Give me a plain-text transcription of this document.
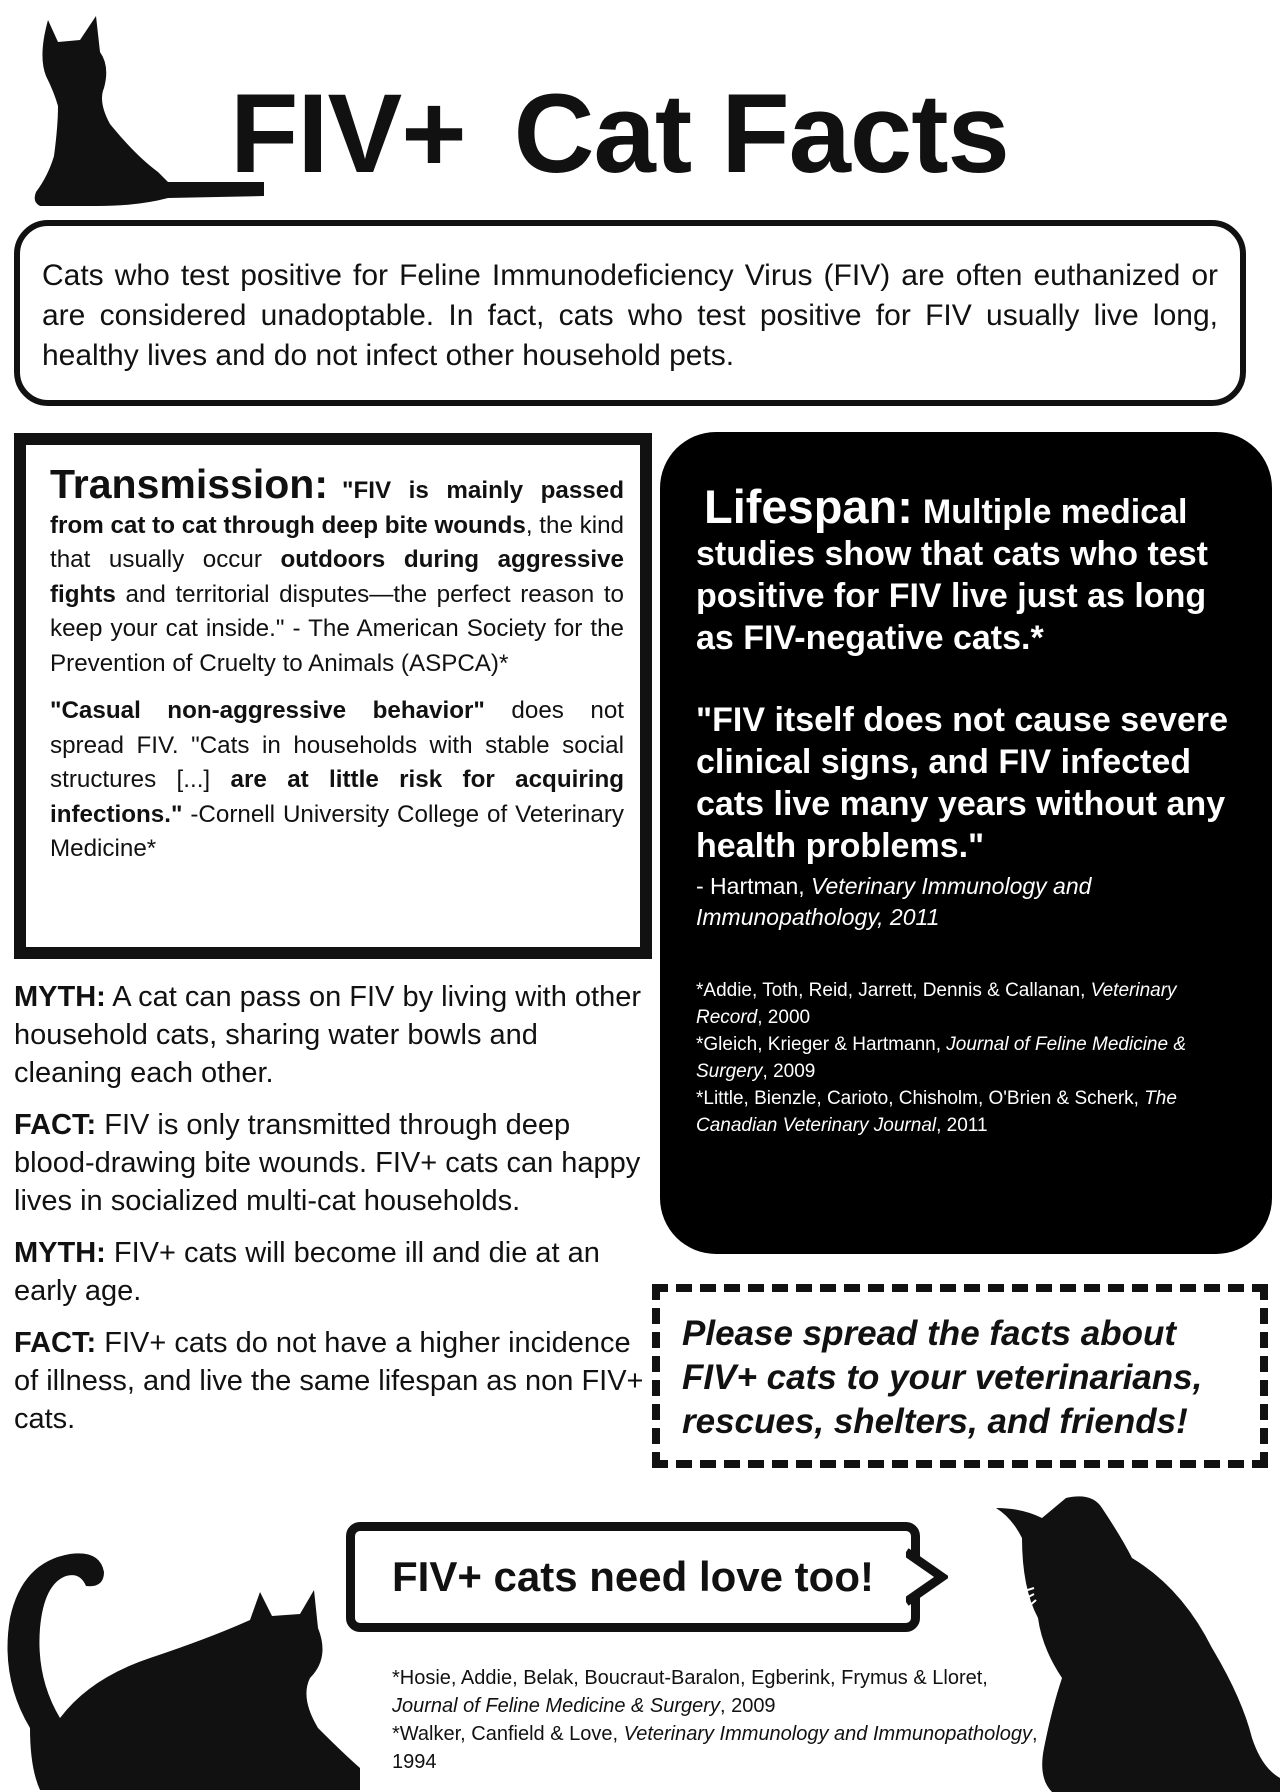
FIV+ Cat Facts

Cats who test positive for Feline Immunodeficiency Virus (FIV) are often euthanized or are considered unadoptable. In fact, cats who test positive for FIV usually live long, healthy lives and do not infect other household pets.

Transmission: "FIV is mainly passed from cat to cat through deep bite wounds, the kind that usually occur outdoors during aggressive fights and territorial disputes—the perfect reason to keep your cat inside." - The American Society for the Prevention of Cruelty to Animals (ASPCA)*

"Casual non-aggressive behavior" does not spread FIV. "Cats in households with stable social structures [...] are at little risk for acquiring infections." -Cornell University College of Veterinary Medicine*

Lifespan: Multiple medical studies show that cats who test positive for FIV live just as long as FIV-negative cats.*

"FIV itself does not cause severe clinical signs, and FIV infected cats live many years without any health problems."

- Hartman, Veterinary Immunology and Immunopathology, 2011

*Addie, Toth, Reid, Jarrett, Dennis & Callanan, Veterinary Record, 2000
*Gleich, Krieger & Hartmann, Journal of Feline Medicine & Surgery, 2009
*Little, Bienzle, Carioto, Chisholm, O'Brien & Scherk, The Canadian Veterinary Journal, 2011

MYTH: A cat can pass on FIV by living with other household cats, sharing water bowls and cleaning each other.

FACT: FIV is only transmitted through deep blood-drawing bite wounds. FIV+ cats can happy lives in socialized multi-cat households.

MYTH: FIV+ cats will become ill and die at an early age.

FACT: FIV+ cats do not have a higher incidence of illness, and live the same lifespan as non FIV+ cats.

Please spread the facts about FIV+ cats to your veterinarians, rescues, shelters, and friends!

FIV+ cats need love too!
*Hosie, Addie, Belak, Boucraut-Baralon, Egberink, Frymus & Lloret, Journal of Feline Medicine & Surgery, 2009
*Walker, Canfield & Love, Veterinary Immunology and Immunopathology, 1994
